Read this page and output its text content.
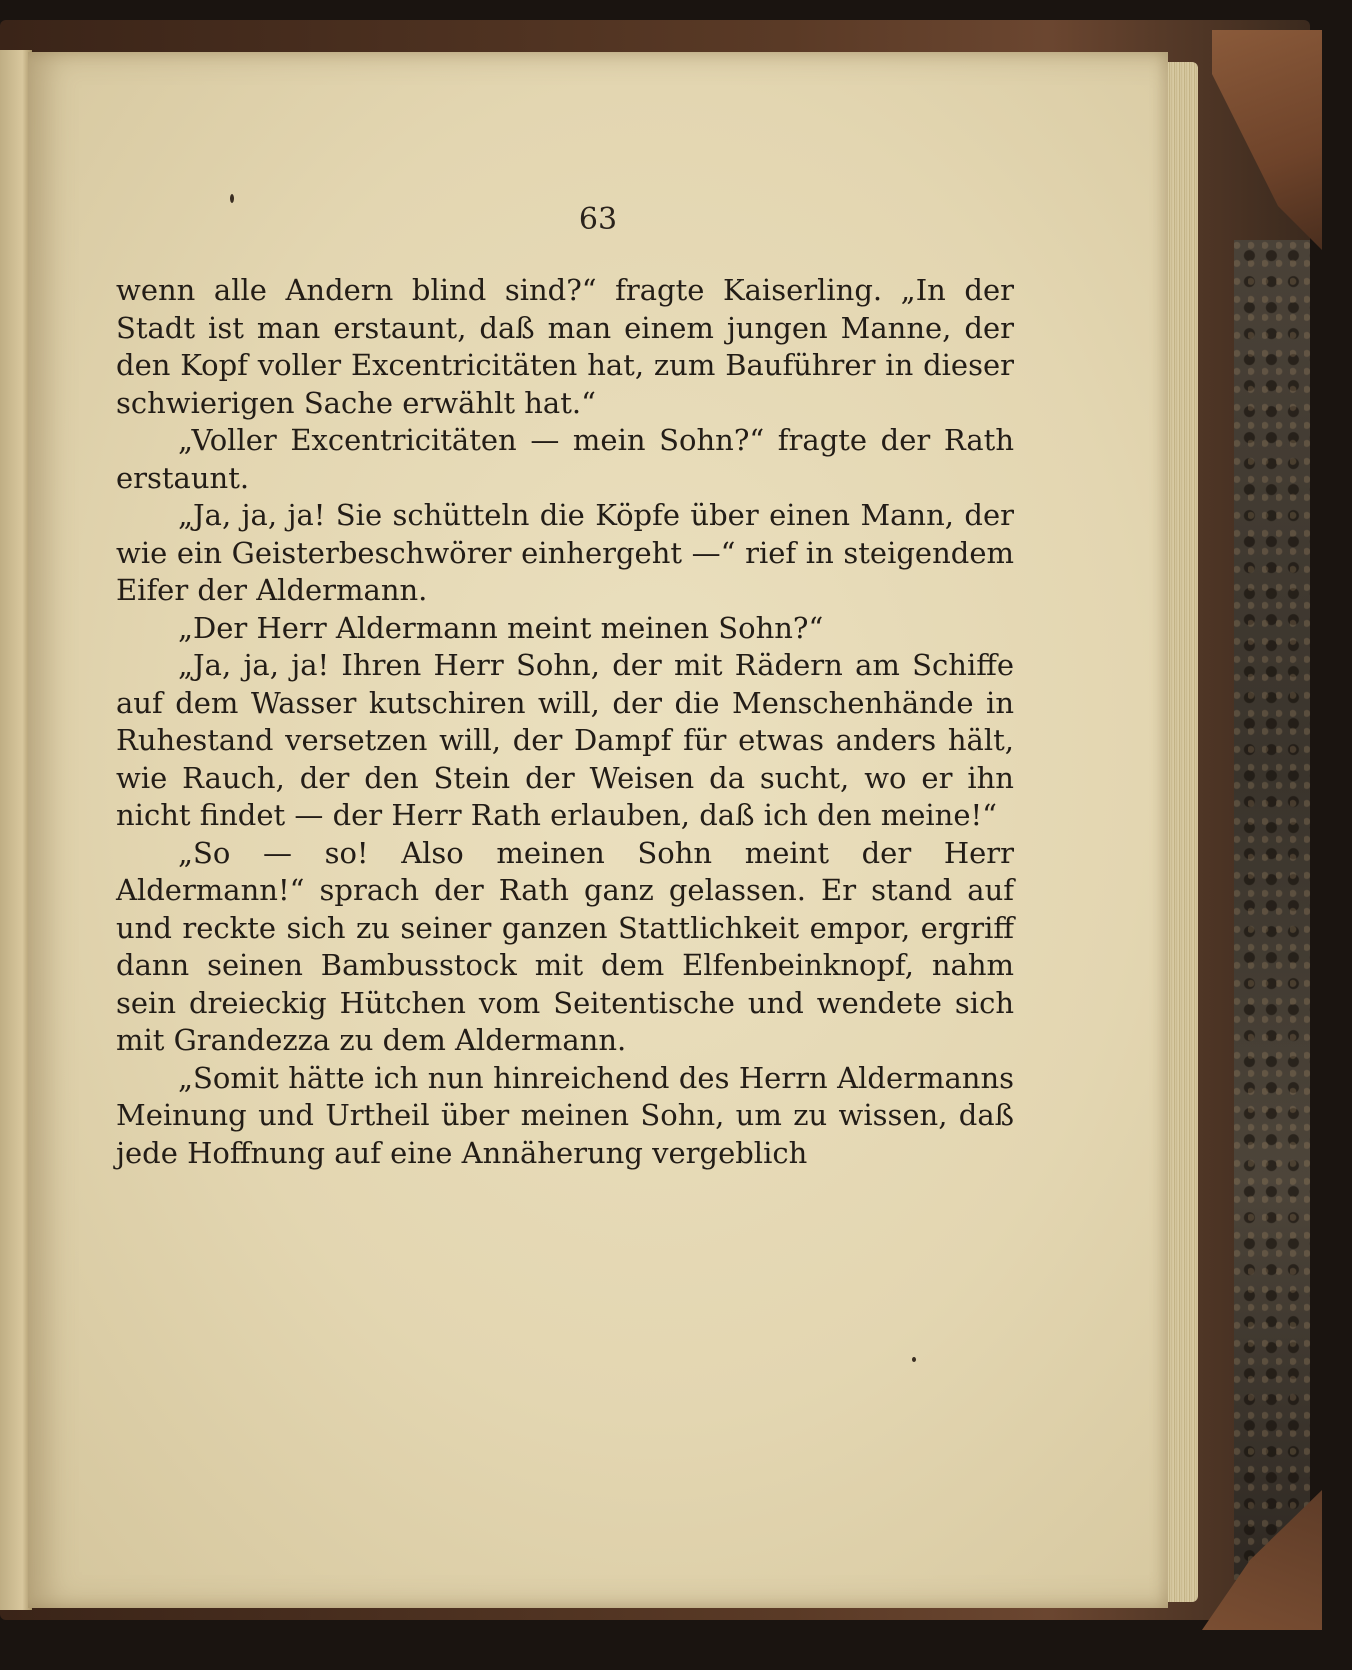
63

wenn alle Andern blind sind?“ fragte Kaiserling. „In der Stadt ist man erstaunt, daß man einem jungen Manne, der den Kopf voller Excentricitäten hat, zum Bauführer in dieser schwierigen Sache erwählt hat.“

„Voller Excentricitäten — mein Sohn?“ fragte der Rath erstaunt.

„Ja, ja, ja! Sie schütteln die Köpfe über einen Mann, der wie ein Geisterbeschwörer einhergeht —“ rief in steigendem Eifer der Aldermann.

„Der Herr Aldermann meint meinen Sohn?“

„Ja, ja, ja! Ihren Herr Sohn, der mit Rädern am Schiffe auf dem Wasser kutschiren will, der die Menschenhände in Ruhestand versetzen will, der Dampf für etwas anders hält, wie Rauch, der den Stein der Weisen da sucht, wo er ihn nicht findet — der Herr Rath erlauben, daß ich den meine!“

„So — so! Also meinen Sohn meint der Herr Aldermann!“ sprach der Rath ganz gelassen. Er stand auf und reckte sich zu seiner ganzen Stattlichkeit empor, ergriff dann seinen Bambusstock mit dem Elfenbeinknopf, nahm sein dreieckig Hütchen vom Seitentische und wendete sich mit Grandezza zu dem Aldermann.

„Somit hätte ich nun hinreichend des Herrn Aldermanns Meinung und Urtheil über meinen Sohn, um zu wissen, daß jede Hoffnung auf eine Annäherung vergeblich
